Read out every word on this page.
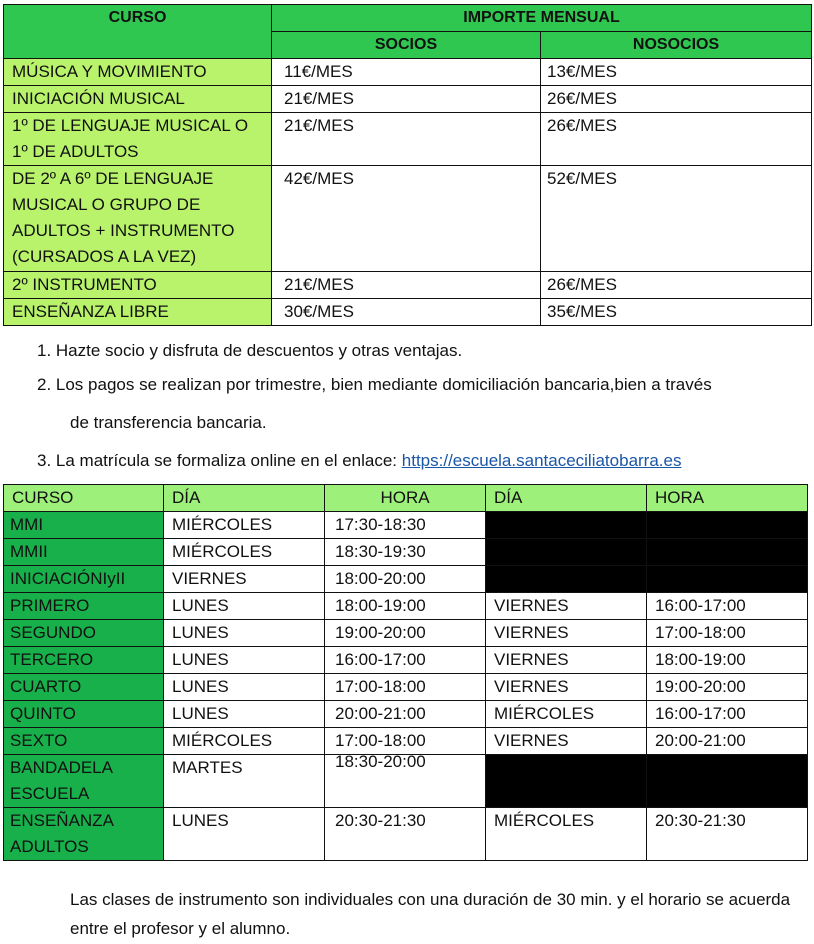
CURSO	IMPORTE MENSUAL	
	SOCIOS	NOSOCIOS
MÚSICA Y MOVIMIENTO	11€/MES	13€/MES
INICIACIÓN MUSICAL	21€/MES	26€/MES
1º DE LENGUAJE MUSICAL O 1º DE ADULTOS	21€/MES	26€/MES
DE 2º A 6º DE LENGUAJE MUSICAL O GRUPO DE ADULTOS + INSTRUMENTO (CURSADOS A LA VEZ)	42€/MES	52€/MES
2º INSTRUMENTO	21€/MES	26€/MES
ENSEÑANZA LIBRE	30€/MES	35€/MES
1. Hazte socio y disfruta de descuentos y otras ventajas.
2. Los pagos se realizan por trimestre, bien mediante domiciliación bancaria,bien a través
de transferencia bancaria.
3. La matrícula se formaliza online en el enlace: https://escuela.santaceciliatobarra.es
CURSO	DÍA	HORA	DÍA	HORA
MMI	MIÉRCOLES	17:30-18:30		
MMII	MIÉRCOLES	18:30-19:30		
INICIACIÓNIyII	VIERNES	18:00-20:00		
PRIMERO	LUNES	18:00-19:00	VIERNES	16:00-17:00
SEGUNDO	LUNES	19:00-20:00	VIERNES	17:00-18:00
TERCERO	LUNES	16:00-17:00	VIERNES	18:00-19:00
CUARTO	LUNES	17:00-18:00	VIERNES	19:00-20:00
QUINTO	LUNES	20:00-21:00	MIÉRCOLES	16:00-17:00
SEXTO	MIÉRCOLES	17:00-18:00	VIERNES	20:00-21:00
BANDADELA ESCUELA	MARTES	18:30-20:00		
ENSEÑANZA ADULTOS	LUNES	20:30-21:30	MIÉRCOLES	20:30-21:30
Las clases de instrumento son individuales con una duración de 30 min. y el horario se acuerda entre el profesor y el alumno.
